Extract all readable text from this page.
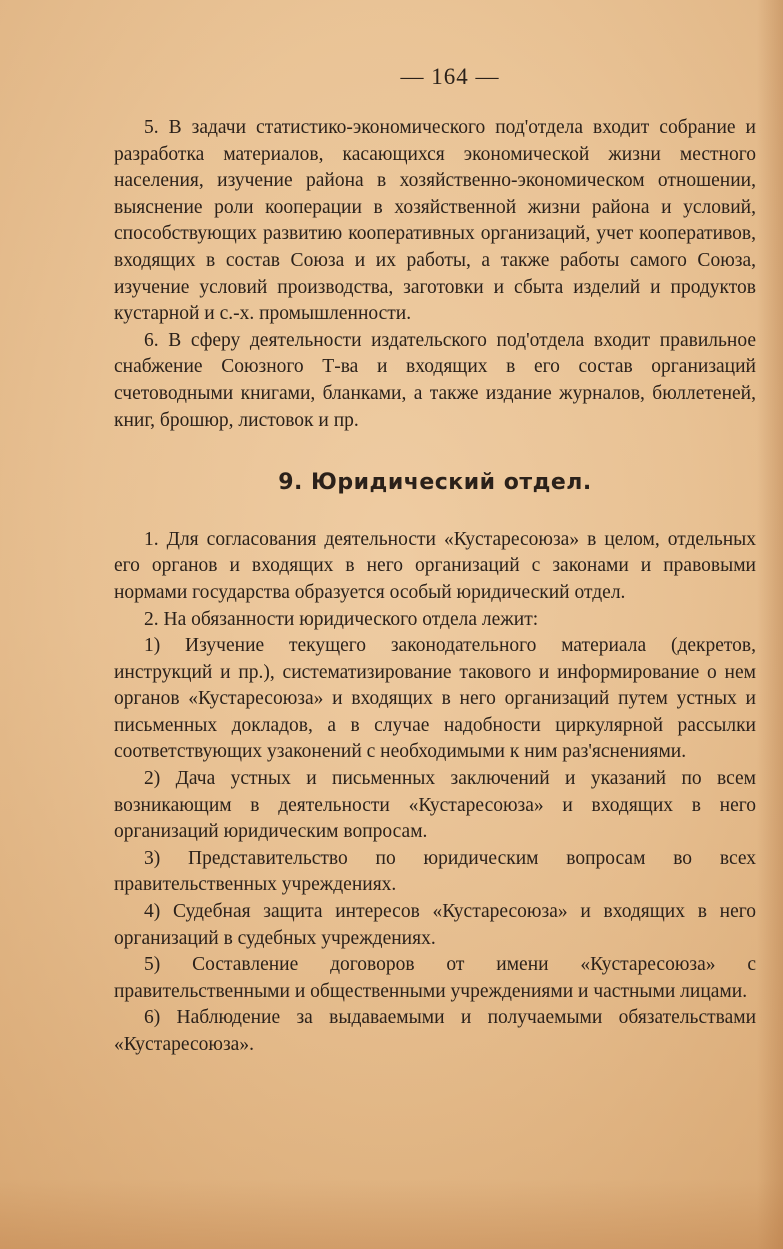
— 164 —

5. В задачи статистико-экономического под'отдела входит собрание и разработка материалов, касающихся экономической жизни местного населения, изучение района в хозяйственно-экономическом отношении, выяснение роли кооперации в хозяйственной жизни района и условий, способствующих развитию кооперативных организаций, учет кооперативов, входящих в состав Союза и их работы, а также работы самого Союза, изучение условий производства, заготовки и сбыта изделий и продуктов кустарной и с.-х. промышленности.

6. В сферу деятельности издательского под'отдела входит правильное снабжение Союзного Т-ва и входящих в его состав организаций счетоводными книгами, бланками, а также издание журналов, бюллетеней, книг, брошюр, листовок и пр.

9. Юридический отдел.

1. Для согласования деятельности «Кустаресоюза» в целом, отдельных его органов и входящих в него организаций с законами и правовыми нормами государства образуется особый юридический отдел.

2. На обязанности юридического отдела лежит:

1) Изучение текущего законодательного материала (декретов, инструкций и пр.), систематизирование такового и информирование о нем органов «Кустаресоюза» и входящих в него организаций путем устных и письменных докладов, а в случае надобности циркулярной рассылки соответствующих узаконений с необходимыми к ним раз'яснениями.

2) Дача устных и письменных заключений и указаний по всем возникающим в деятельности «Кустаресоюза» и входящих в него организаций юридическим вопросам.

3) Представительство по юридическим вопросам во всех правительственных учреждениях.

4) Судебная защита интересов «Кустаресоюза» и входящих в него организаций в судебных учреждениях.

5) Составление договоров от имени «Кустаресоюза» с правительственными и общественными учреждениями и частными лицами.

6) Наблюдение за выдаваемыми и получаемыми обязательствами «Кустаресоюза».
